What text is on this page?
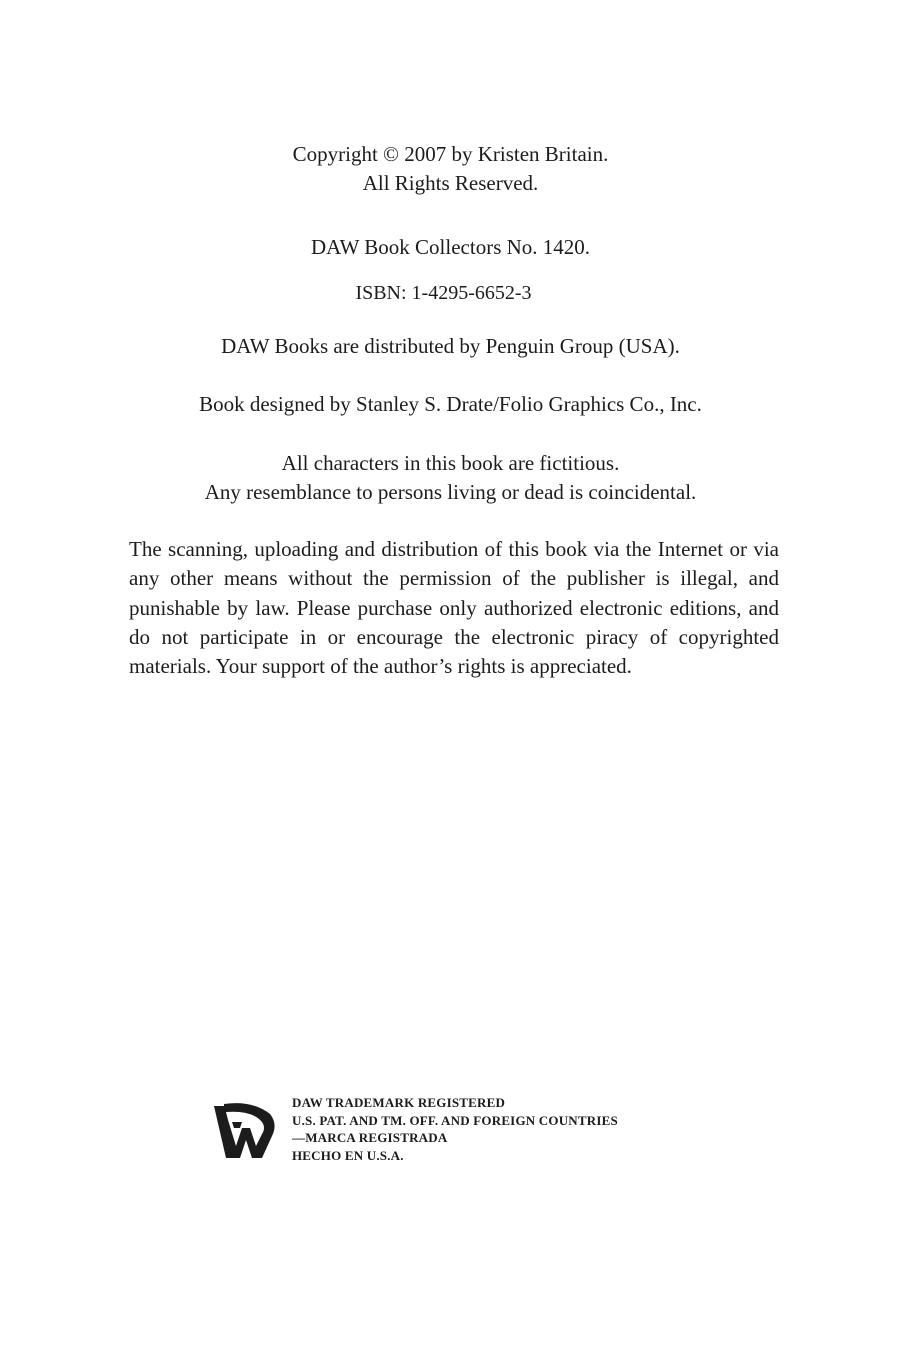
Copyright © 2007 by Kristen Britain.
All Rights Reserved.
DAW Book Collectors No. 1420.
ISBN: 1-4295-6652-3
DAW Books are distributed by Penguin Group (USA).
Book designed by Stanley S. Drate/Folio Graphics Co., Inc.
All characters in this book are fictitious.
Any resemblance to persons living or dead is coincidental.
The scanning, uploading and distribution of this book via the Internet or via any other means without the permission of the publisher is illegal, and punishable by law. Please purchase only authorized electronic editions, and do not participate in or encourage the electronic piracy of copyrighted materials. Your support of the author’s rights is appreciated.
DAW TRADEMARK REGISTERED
U.S. PAT. AND TM. OFF. AND FOREIGN COUNTRIES
—MARCA REGISTRADA
HECHO EN U.S.A.
